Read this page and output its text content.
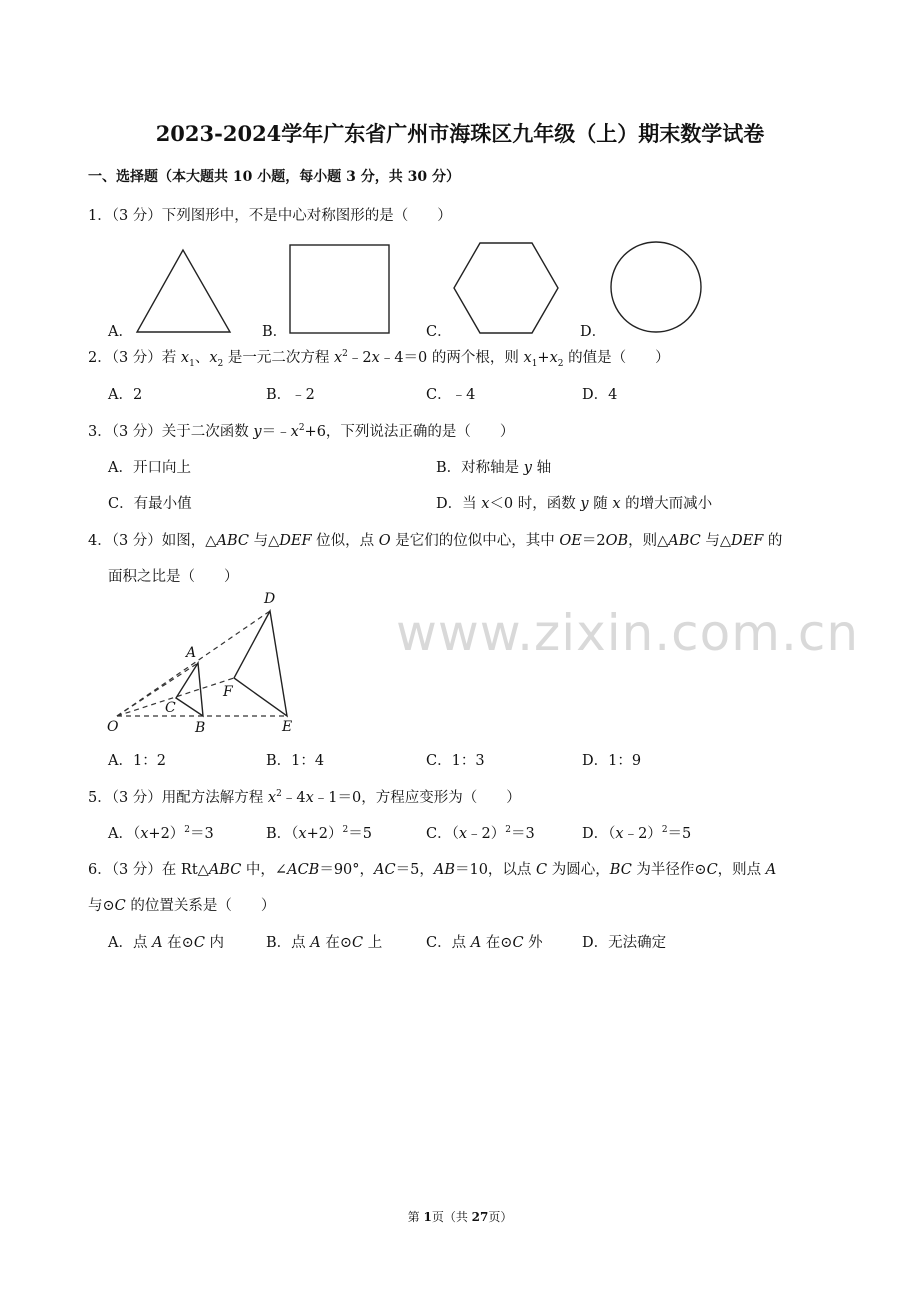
2023-2024学年广东省广州市海珠区九年级（上）期末数学试卷
一、选择题（本大题共 10 小题，每小题 3 分，共 30 分）
www.zixin.com.cn
1．（3 分）下列图形中，不是中心对称图形的是（　　）
A．	B．	C．	D．
2．（3 分）若 $x_1$、$x_2$ 是一元二次方程 $x^2﹣2x﹣4=0$ 的两个根，则 $x_1+x_2$ 的值是（　　）
A．2	B．﹣2	C．﹣4	D．4
3．（3 分）关于二次函数 $y=﹣x^2+6$，下列说法正确的是（　　）
A．开口向上	B．对称轴是 y 轴
C．有最小值	D．当 x＜0 时，函数 y 随 x 的增大而减小
4．（3 分）如图，△ABC 与△DEF 位似，点 O 是它们的位似中心，其中 OE＝2OB，则△ABC 与△DEF 的
面积之比是（　　）
D
A
F
C
O	B	E
A．1：2	B．1：4	C．1：3	D．1：9
5．（3 分）用配方法解方程 $x^2﹣4x﹣1=0$，方程应变形为（　　）
A．$(x+2)^2=3$	B．$(x+2)^2=5$	C．（x﹣2）$^2$＝3	D．（x﹣2）$^2$＝5
6．（3 分）在 Rt△ABC 中，∠ACB＝90°，AC＝5，AB＝10，以点 C 为圆心，BC 为半径作⊙C，则点 A
与⊙C 的位置关系是（　　）
A．点 A 在⊙C 内	B．点 A 在⊙C 上	C．点 A 在⊙C 外	D．无法确定
第 1页（共 27页）
